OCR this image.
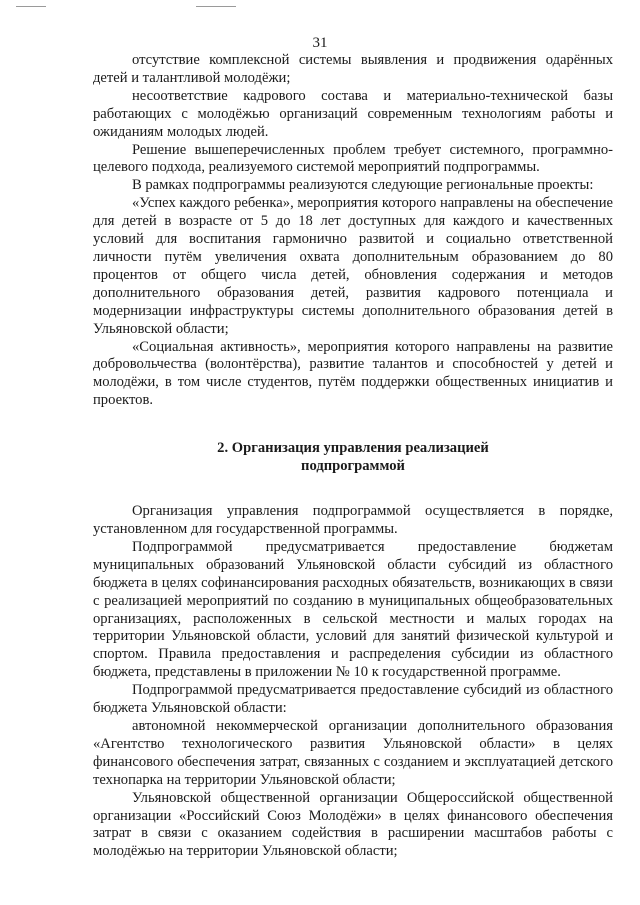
31

отсутствие комплексной системы выявления и продвижения одарённых детей и талантливой молодёжи;

несоответствие кадрового состава и материально-технической базы работающих с молодёжью организаций современным технологиям работы и ожиданиям молодых людей.

Решение вышеперечисленных проблем требует системного, программно-целевого подхода, реализуемого системой мероприятий подпрограммы.

В рамках подпрограммы реализуются следующие региональные проекты:

«Успех каждого ребенка», мероприятия которого направлены на обеспечение для детей в возрасте от 5 до 18 лет доступных для каждого и качественных условий для воспитания гармонично развитой и социально ответственной личности путём увеличения охвата дополнительным образованием до 80 процентов от общего числа детей, обновления содержания и методов дополнительного образования детей, развития кадрового потенциала и модернизации инфраструктуры системы дополнительного образования детей в Ульяновской области;

«Социальная активность», мероприятия которого направлены на развитие добровольчества (волонтёрства), развитие талантов и способностей у детей и молодёжи, в том числе студентов, путём поддержки общественных инициатив и проектов.

2. Организация управления реализацией
подпрограммой

Организация управления подпрограммой осуществляется в порядке, установленном для государственной программы.

Подпрограммой предусматривается предоставление бюджетам муниципальных образований Ульяновской области субсидий из областного бюджета в целях софинансирования расходных обязательств, возникающих в связи с реализацией мероприятий по созданию в муниципальных общеобразовательных организациях, расположенных в сельской местности и малых городах на территории Ульяновской области, условий для занятий физической культурой и спортом. Правила предоставления и распределения субсидии из областного бюджета, представлены в приложении № 10 к государственной программе.

Подпрограммой предусматривается предоставление субсидий из областного бюджета Ульяновской области:

автономной некоммерческой организации дополнительного образования «Агентство технологического развития Ульяновской области» в целях финансового обеспечения затрат, связанных с созданием и эксплуатацией детского технопарка на территории Ульяновской области;

Ульяновской общественной организации Общероссийской общественной организации «Российский Союз Молодёжи» в целях финансового обеспечения затрат в связи с оказанием содействия в расширении масштабов работы с молодёжью на территории Ульяновской области;
